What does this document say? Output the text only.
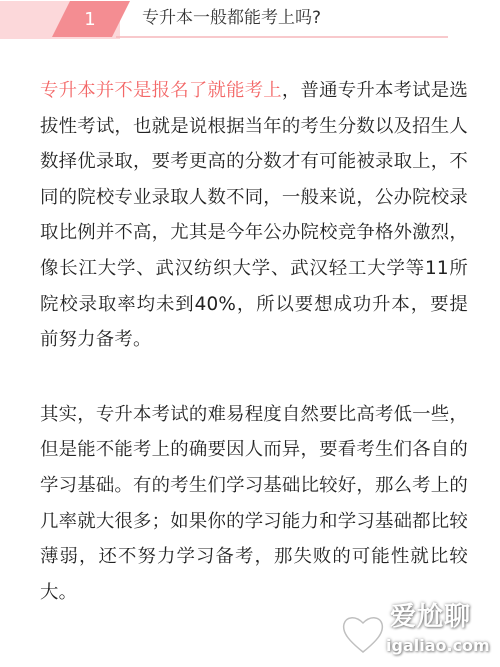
1	专升本一般都能考上吗?

专升本并不是报名了就能考上，普通专升本考试是选拔性考试，也就是说根据当年的考生分数以及招生人数择优录取，要考更高的分数才有可能被录取上，不同的院校专业录取人数不同，一般来说，公办院校录取比例并不高，尤其是今年公办院校竞争格外激烈，像长江大学、武汉纺织大学、武汉轻工大学等11所院校录取率均未到40%，所以要想成功升本，要提前努力备考。

其实，专升本考试的难易程度自然要比高考低一些，但是能不能考上的确要因人而异，要看考生们各自的学习基础。有的考生们学习基础比较好，那么考上的几率就大很多；如果你的学习能力和学习基础都比较薄弱，还不努力学习备考，那失败的可能性就比较大。

爱尬聊
igaliao.com
